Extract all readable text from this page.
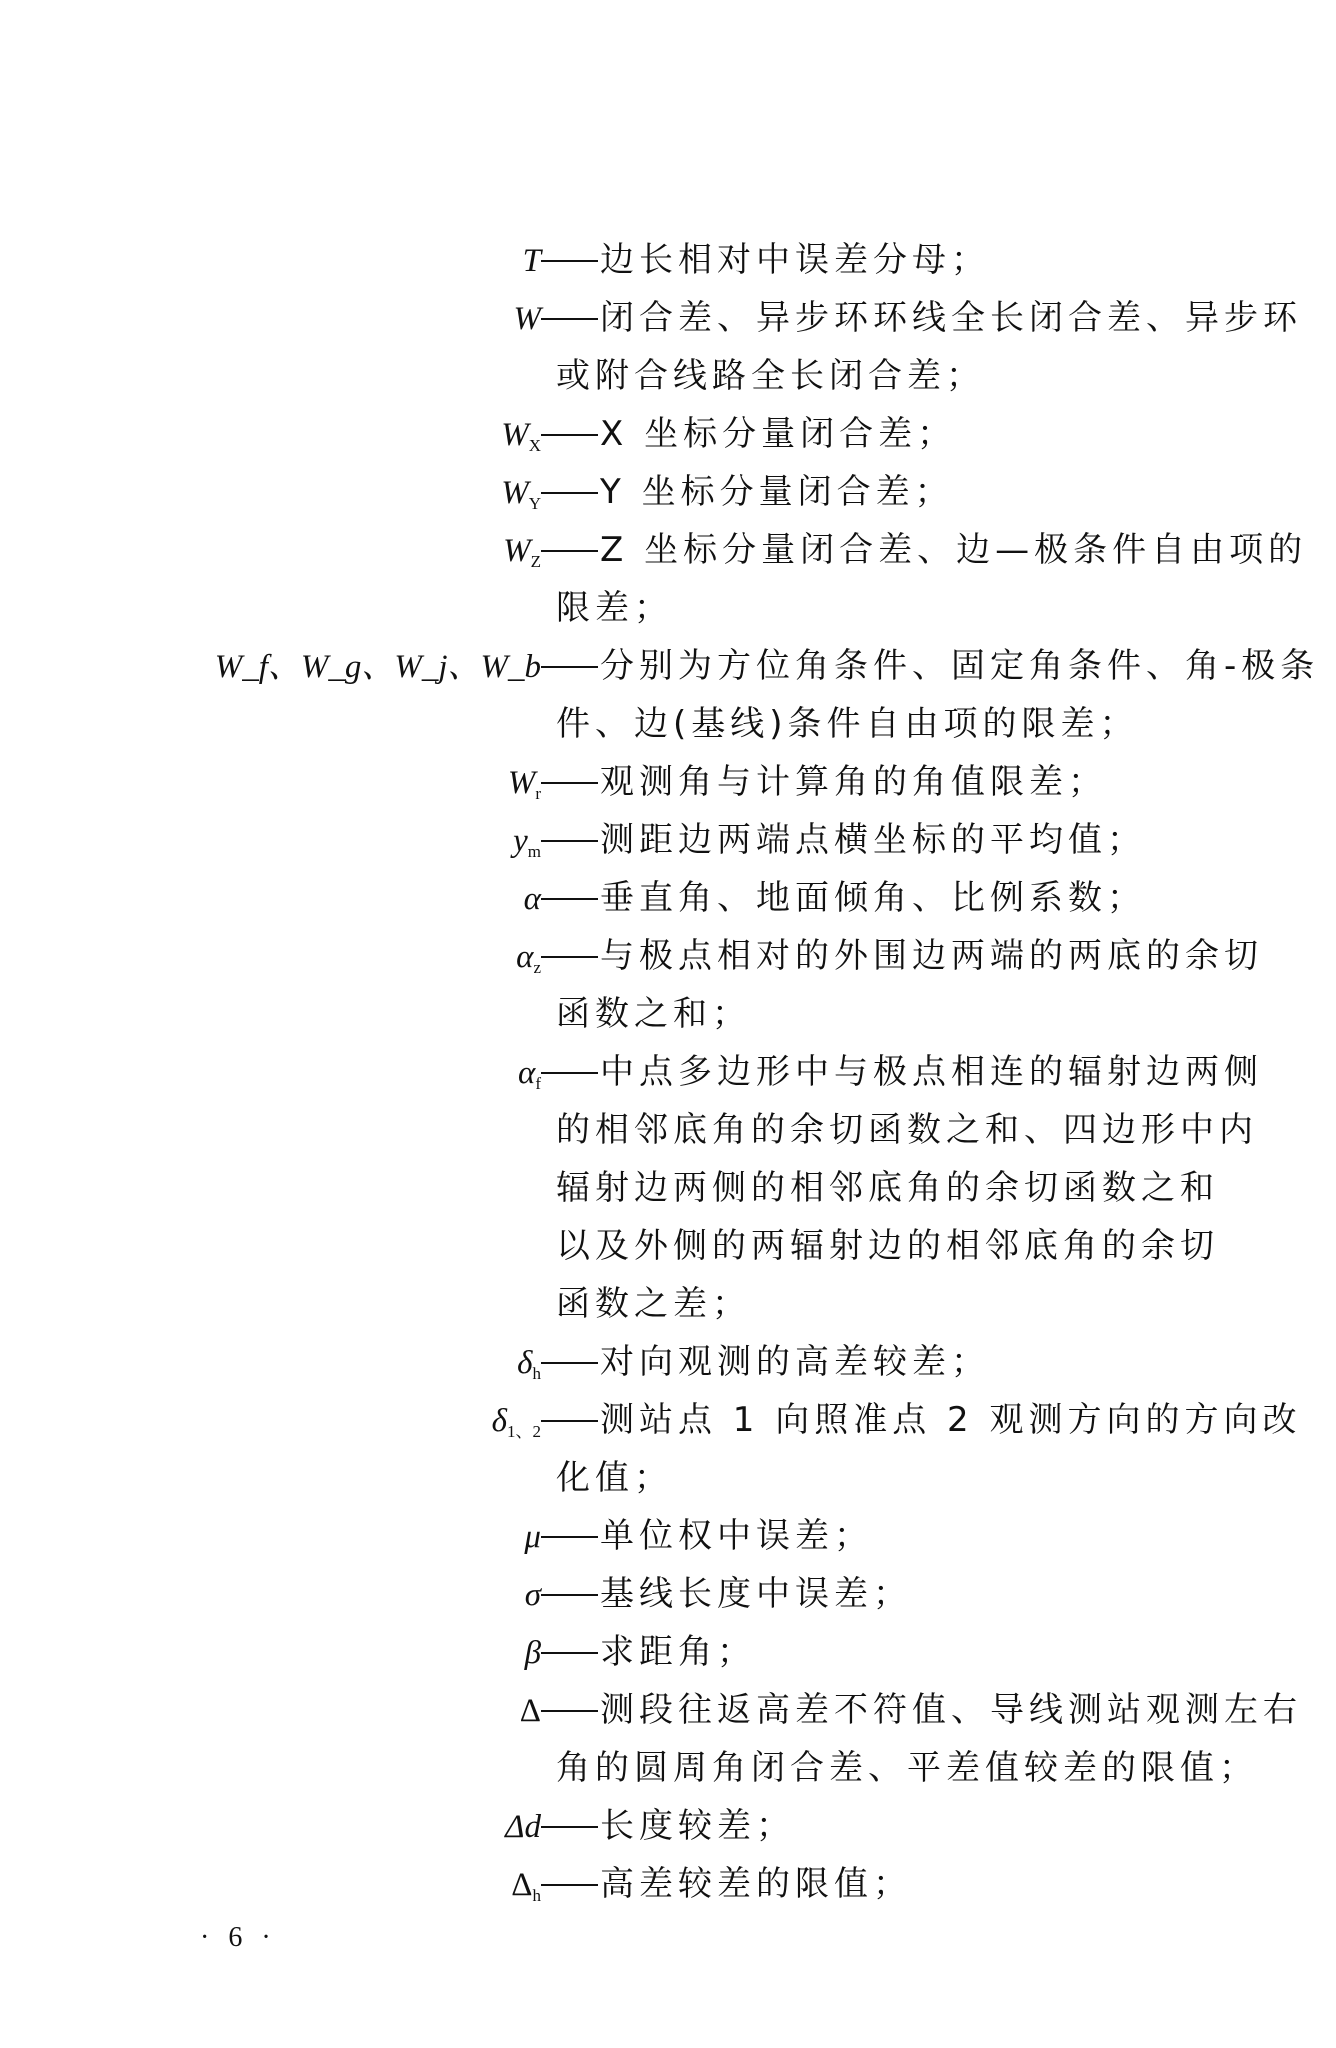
T 边长相对中误差分母；
W 闭合差、异步环环线全长闭合差、异步环
或附合线路全长闭合差；
$W_X$ X 坐标分量闭合差；
$W_Y$ Y 坐标分量闭合差；
$W_Z$ Z 坐标分量闭合差、边—极条件自由项的
限差；
W_f、W_g、W_j、W_b 分别为方位角条件、固定角条件、角-极条
件、边(基线)条件自由项的限差；
$W_r$ 观测角与计算角的角值限差；
$y_m$ 测距边两端点横坐标的平均值；
α 垂直角、地面倾角、比例系数；
$\alpha_z$ 与极点相对的外围边两端的两底的余切
函数之和；
$\alpha_f$ 中点多边形中与极点相连的辐射边两侧
的相邻底角的余切函数之和、四边形中内
辐射边两侧的相邻底角的余切函数之和
以及外侧的两辐射边的相邻底角的余切
函数之差；
$\delta_h$ 对向观测的高差较差；
$\delta_{1、2}$ 测站点 1 向照准点 2 观测方向的方向改
化值；
μ 单位权中误差；
σ 基线长度中误差；
β 求距角；
Δ 测段往返高差不符值、导线测站观测左右
角的圆周角闭合差、平差值较差的限值；
Δd 长度较差；
$\Delta_h$ 高差较差的限值；
· 6 ·
